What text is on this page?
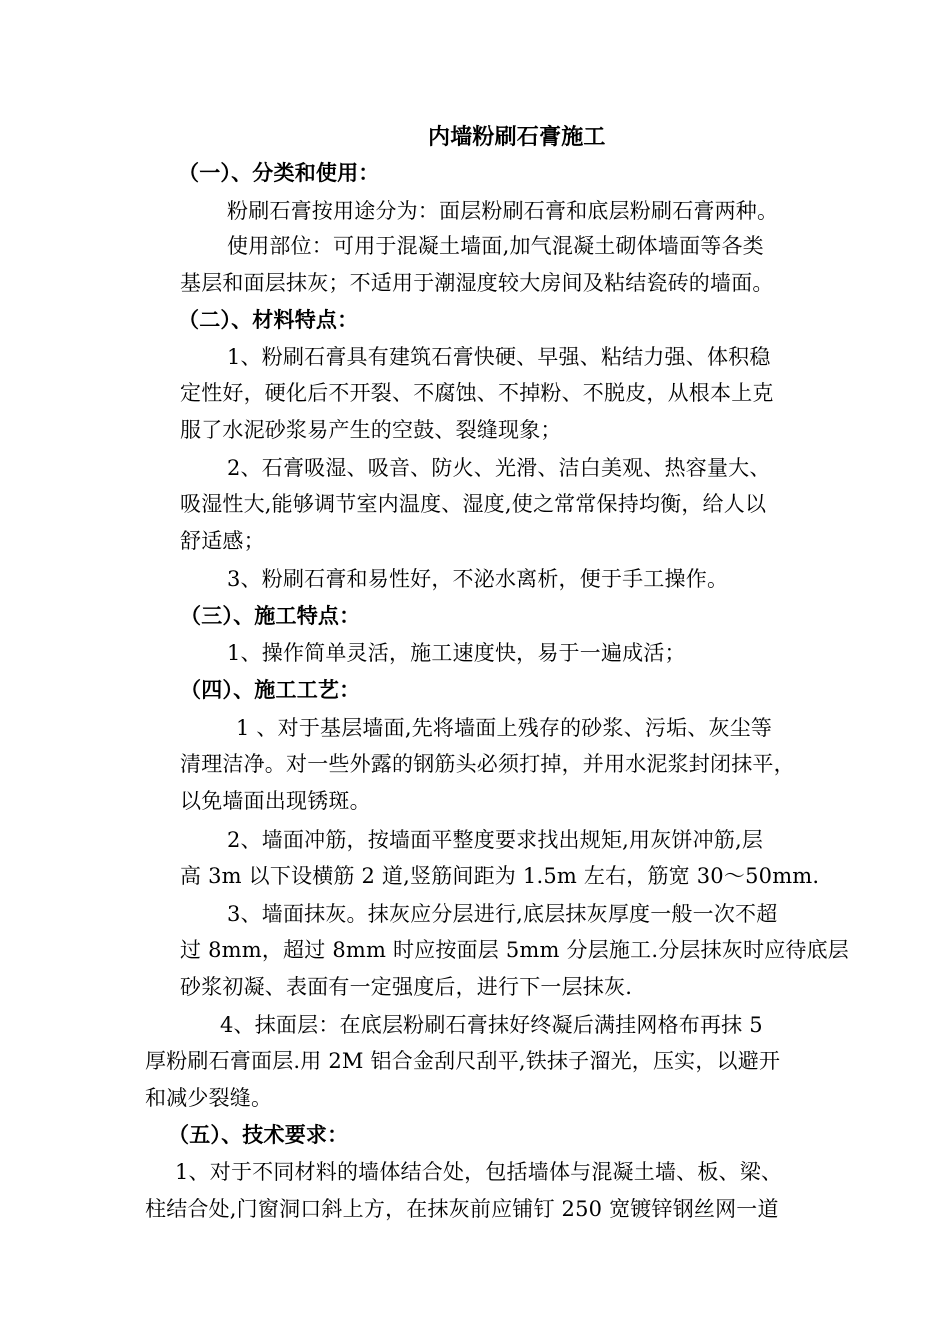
内墙粉刷石膏施工
（一）、分类和使用：
粉刷石膏按用途分为：面层粉刷石膏和底层粉刷石膏两种。
使用部位：可用于混凝土墙面,加气混凝土砌体墙面等各类
基层和面层抹灰；不适用于潮湿度较大房间及粘结瓷砖的墙面。
（二）、材料特点：
1、粉刷石膏具有建筑石膏快硬、早强、粘结力强、体积稳
定性好，硬化后不开裂、不腐蚀、不掉粉、不脱皮，从根本上克
服了水泥砂浆易产生的空鼓、裂缝现象；
2、石膏吸湿、吸音、防火、光滑、洁白美观、热容量大、
吸湿性大,能够调节室内温度、湿度,使之常常保持均衡，给人以
舒适感；
3、粉刷石膏和易性好，不泌水离析，便于手工操作。
（三）、施工特点：
1、操作简单灵活，施工速度快，易于一遍成活；
（四）、施工工艺：
1 、对于基层墙面,先将墙面上残存的砂浆、污垢、灰尘等
清理洁净。对一些外露的钢筋头必须打掉，并用水泥浆封闭抹平，
以免墙面出现锈斑。
2、墙面冲筋，按墙面平整度要求找出规矩,用灰饼冲筋,层
高 3m 以下设横筋 2 道,竖筋间距为 1.5m 左右，筋宽 30～50mm.
3、墙面抹灰。抹灰应分层进行,底层抹灰厚度一般一次不超
过 8mm，超过 8mm 时应按面层 5mm 分层施工.分层抹灰时应待底层
砂浆初凝、表面有一定强度后，进行下一层抹灰.
4、抹面层：在底层粉刷石膏抹好终凝后满挂网格布再抹 5
厚粉刷石膏面层.用 2M 铝合金刮尺刮平,铁抹子溜光，压实，以避开
和减少裂缝。
（五）、技术要求：
1、对于不同材料的墙体结合处，包括墙体与混凝土墙、板、梁、
柱结合处,门窗洞口斜上方，在抹灰前应铺钉 250 宽镀锌钢丝网一道
